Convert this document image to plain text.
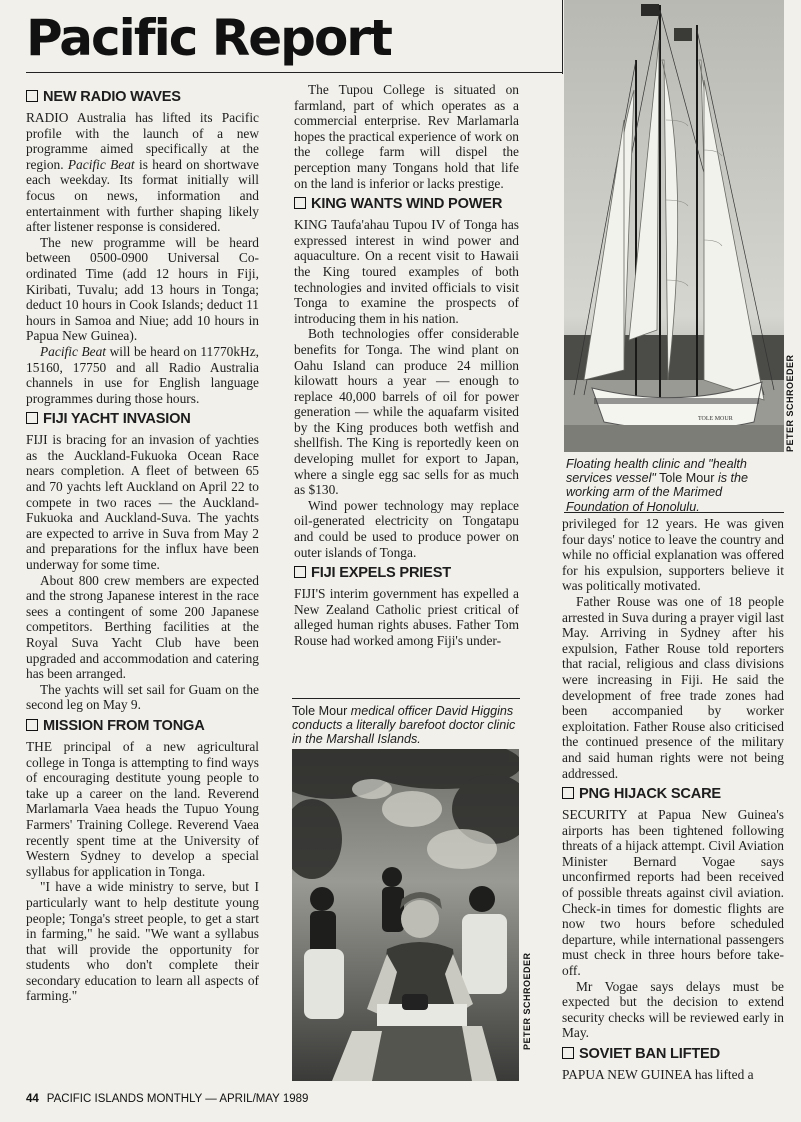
Pacific Report
NEW RADIO WAVES

RADIO Australia has lifted its Pacific profile with the launch of a new programme aimed specifically at the region. Pacific Beat is heard on shortwave each weekday. Its format initially will focus on news, information and entertainment with further shaping likely after listener response is considered.

The new programme will be heard between 0500-0900 Universal Co-ordinated Time (add 12 hours in Fiji, Kiribati, Tuvalu; add 13 hours in Tonga; deduct 10 hours in Cook Islands; deduct 11 hours in Samoa and Niue; add 10 hours in Papua New Guinea).

Pacific Beat will be heard on 11770kHz, 15160, 17750 and all Radio Australia channels in use for English language programmes during those hours.

FIJI YACHT INVASION

FIJI is bracing for an invasion of yachties as the Auckland-Fukuoka Ocean Race nears completion. A fleet of between 65 and 70 yachts left Auckland on April 22 to compete in two races — the Auckland-Fukuoka and Auckland-Suva. The yachts are expected to arrive in Suva from May 2 and preparations for the influx have been underway for some time.

About 800 crew members are expected and the strong Japanese interest in the race sees a contingent of some 200 Japanese competitors. Berthing facilities at the Royal Suva Yacht Club have been upgraded and accommodation and catering has been arranged.

The yachts will set sail for Guam on the second leg on May 9.

MISSION FROM TONGA

THE principal of a new agricultural college in Tonga is attempting to find ways of encouraging destitute young people to take up a career on the land. Reverend Marlamarla Vaea heads the Tupuo Young Farmers' Training College. Reverend Vaea recently spent time at the University of Western Sydney to develop a special syllabus for application in Tonga.

"I have a wide ministry to serve, but I particularly want to help destitute young people; Tonga's street people, to get a start in farming," he said. "We want a syllabus that will provide the opportunity for students who don't complete their secondary education to learn all aspects of farming."

The Tupou College is situated on farmland, part of which operates as a commercial enterprise. Rev Marlamarla hopes the practical experience of work on the college farm will dispel the perception many Tongans hold that life on the land is inferior or lacks prestige.

KING WANTS WIND POWER

KING Taufa'ahau Tupou IV of Tonga has expressed interest in wind power and aquaculture. On a recent visit to Hawaii the King toured examples of both technologies and invited officials to visit Tonga to examine the prospects of introducing them in his nation.

Both technologies offer considerable benefits for Tonga. The wind plant on Oahu Island can produce 24 million kilowatt hours a year — enough to replace 40,000 barrels of oil for power generation — while the aquafarm visited by the King produces both wetfish and shellfish. The King is reportedly keen on developing mullet for export to Japan, where a single egg sac sells for as much as $130.

Wind power technology may replace oil-generated electricity on Tongatapu and could be used to produce power on outer islands of Tonga.

FIJI EXPELS PRIEST

FIJI'S interim government has expelled a New Zealand Catholic priest critical of alleged human rights abuses. Father Tom Rouse had worked among Fiji's under-

Tole Mour medical officer David Higgins conducts a literally barefoot doctor clinic in the Marshall Islands.
PETER SCHROEDER
TOLE MOUR	PETER SCHROEDER
Floating health clinic and "health services vessel" Tole Mour is the working arm of the Marimed Foundation of Honolulu.

privileged for 12 years. He was given four days' notice to leave the country and while no official explanation was offered for his expulsion, supporters believe it was politically motivated.

Father Rouse was one of 18 people arrested in Suva during a prayer vigil last May. Arriving in Sydney after his expulsion, Father Rouse told reporters that racial, religious and class divisions were increasing in Fiji. He said the development of free trade zones had been accompanied by worker exploitation. Father Rouse also criticised the continued presence of the military and said human rights were not being addressed.

PNG HIJACK SCARE

SECURITY at Papua New Guinea's airports has been tightened following threats of a hijack attempt. Civil Aviation Minister Bernard Vogae says unconfirmed reports had been received of possible threats against civil aviation. Check-in times for domestic flights are now two hours before scheduled departure, while international passengers must check in three hours before take-off.

Mr Vogae says delays must be expected but the decision to extend security checks will be reviewed early in May.

SOVIET BAN LIFTED

PAPUA NEW GUINEA has lifted a

44 PACIFIC ISLANDS MONTHLY — APRIL/MAY 1989
